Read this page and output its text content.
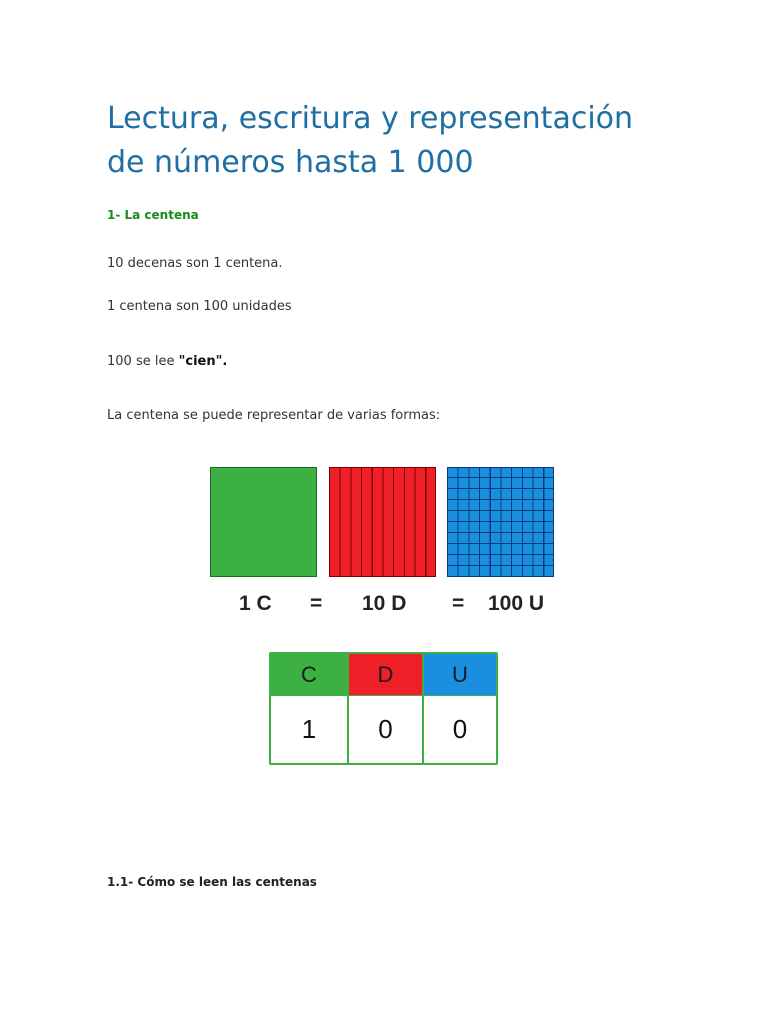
Lectura, escritura y representación
de números hasta 1 000
1- La centena

10 decenas son 1 centena.

1 centena son 100 unidades

100 se lee "cien".

La centena se puede representar de varias formas:

1 C = 10 D = 100 U
C	D	U
1	0	0
1.1- Cómo se leen las centenas
